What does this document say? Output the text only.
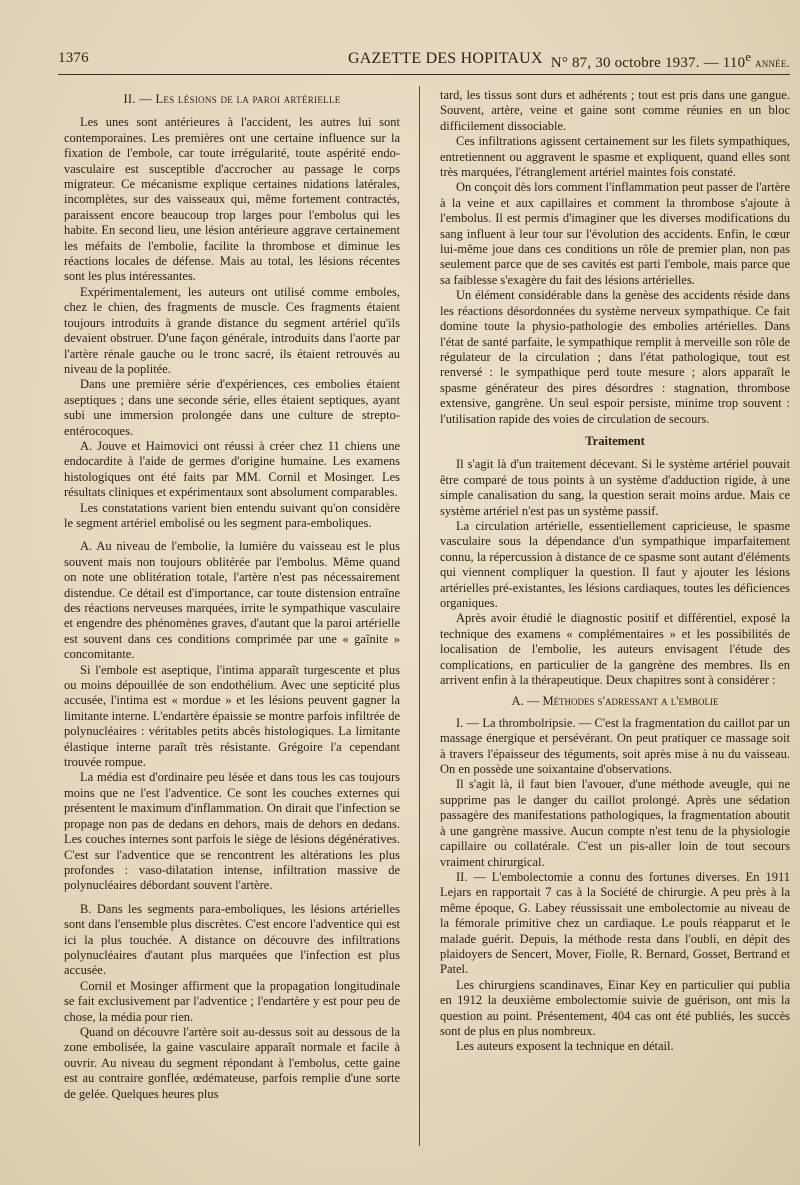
1376	GAZETTE DES HOPITAUX N° 87, 30 octobre 1937. — 110e année.
II. — Les lésions de la paroi artérielle

Les unes sont antérieures à l'accident, les autres lui sont contemporaines. Les premières ont une certaine influence sur la fixation de l'embole, car toute irrégularité, toute aspérité endo-vasculaire est susceptible d'accrocher au passage le corps migrateur. Ce mécanisme explique certaines nidations latérales, incomplètes, sur des vaisseaux qui, même fortement contractés, paraissent encore beaucoup trop larges pour l'embolus qui les habite. En second lieu, une lésion antérieure aggrave certainement les méfaits de l'embolie, facilite la thrombose et diminue les réactions locales de défense. Mais au total, les lésions récentes sont les plus intéressantes.

Expérimentalement, les auteurs ont utilisé comme emboles, chez le chien, des fragments de muscle. Ces fragments étaient toujours introduits à grande distance du segment artériel qu'ils devaient obstruer. D'une façon générale, introduits dans l'aorte par l'artère rénale gauche ou le tronc sacré, ils étaient retrouvés au niveau de la poplitée.

Dans une première série d'expériences, ces embolies étaient aseptiques ; dans une seconde série, elles étaient septiques, ayant subi une immersion prolongée dans une culture de strepto-entérocoques.

A. Jouve et Haimovici ont réussi à créer chez 11 chiens une endocardite à l'aide de germes d'origine humaine. Les examens histologiques ont été faits par MM. Cornil et Mosinger. Les résultats cliniques et expérimentaux sont absolument comparables.

Les constatations varient bien entendu suivant qu'on considère le segment artériel embolisé ou les segment para-emboliques.

A. Au niveau de l'embolie, la lumière du vaisseau est le plus souvent mais non toujours oblitérée par l'embolus. Même quand on note une oblitération totale, l'artère n'est pas nécessairement distendue. Ce détail est d'importance, car toute distension entraîne des réactions nerveuses marquées, irrite le sympathique vasculaire et engendre des phénomènes graves, d'autant que la paroi artérielle est souvent dans ces conditions comprimée par une « gaînite » concomitante.

Si l'embole est aseptique, l'intima apparaît turgescente et plus ou moins dépouillée de son endothélium. Avec une septicité plus accusée, l'intima est « mordue » et les lésions peuvent gagner la limitante interne. L'endartère épaissie se montre parfois infiltrée de polynucléaires : véritables petits abcès histologiques. La limitante élastique interne paraît très résistante. Grégoire l'a cependant trouvée rompue.

La média est d'ordinaire peu lésée et dans tous les cas toujours moins que ne l'est l'adventice. Ce sont les couches externes qui présentent le maximum d'inflammation. On dirait que l'infection se propage non pas de dedans en dehors, mais de dehors en dedans. Les couches internes sont parfois le siège de lésions dégénératives. C'est sur l'adventice que se rencontrent les altérations les plus profondes : vaso-dilatation intense, infiltration massive de polynucléaires débordant souvent l'artère.

B. Dans les segments para-emboliques, les lésions artérielles sont dans l'ensemble plus discrètes. C'est encore l'adventice qui est ici la plus touchée. A distance on découvre des infiltrations polynucléaires d'autant plus marquées que l'infection est plus accusée.

Cornil et Mosinger affirment que la propagation longitudinale se fait exclusivement par l'adventice ; l'endartère y est pour peu de chose, la média pour rien.

Quand on découvre l'artère soit au-dessus soit au dessous de la zone embolisée, la gaine vasculaire apparaît normale et facile à ouvrir. Au niveau du segment répondant à l'embolus, cette gaine est au contraire gonflée, œdémateuse, parfois remplie d'une sorte de gelée. Quelques heures plus

tard, les tissus sont durs et adhérents ; tout est pris dans une gangue. Souvent, artère, veine et gaine sont comme réunies en un bloc difficilement dissociable.

Ces infiltrations agissent certainement sur les filets sympathiques, entretiennent ou aggravent le spasme et expliquent, quand elles sont très marquées, l'étranglement artériel maintes fois constaté.

On conçoit dès lors comment l'inflammation peut passer de l'artère à la veine et aux capillaires et comment la thrombose s'ajoute à l'embolus. Il est permis d'imaginer que les diverses modifications du sang influent à leur tour sur l'évolution des accidents. Enfin, le cœur lui-même joue dans ces conditions un rôle de premier plan, non pas seulement parce que de ses cavités est parti l'embole, mais parce que sa faiblesse s'exagère du fait des lésions artérielles.

Un élément considérable dans la genèse des accidents réside dans les réactions désordonnées du système nerveux sympathique. Ce fait domine toute la physio-pathologie des embolies artérielles. Dans l'état de santé parfaite, le sympathique remplit à merveille son rôle de régulateur de la circulation ; dans l'état pathologique, tout est renversé : le sympathique perd toute mesure ; alors apparaît le spasme générateur des pires désordres : stagnation, thrombose extensive, gangrène. Un seul espoir persiste, minime trop souvent : l'utilisation rapide des voies de circulation de secours.

Traitement

Il s'agit là d'un traitement décevant. Si le système artériel pouvait être comparé de tous points à un système d'adduction rigide, à une simple canalisation du sang, la question serait moins ardue. Mais ce système artériel n'est pas un système passif.

La circulation artérielle, essentiellement capricieuse, le spasme vasculaire sous la dépendance d'un sympathique imparfaitement connu, la répercussion à distance de ce spasme sont autant d'éléments qui viennent compliquer la question. Il faut y ajouter les lésions artérielles pré-existantes, les lésions cardiaques, toutes les déficiences organiques.

Après avoir étudié le diagnostic positif et différentiel, exposé la technique des examens « complémentaires » et les possibilités de localisation de l'embolie, les auteurs envisagent l'étude des complications, en particulier de la gangrène des membres. Ils en arrivent enfin à la thérapeutique. Deux chapitres sont à considérer :

A. — Méthodes s'adressant a l'embolie

I. — La thrombolripsie. — C'est la fragmentation du caillot par un massage énergique et persévérant. On peut pratiquer ce massage soit à travers l'épaisseur des téguments, soit après mise à nu du vaisseau. On en possède une soixantaine d'observations.

Il s'agit là, il faut bien l'avouer, d'une méthode aveugle, qui ne supprime pas le danger du caillot prolongé. Après une sédation passagère des manifestations pathologiques, la fragmentation aboutit à une gangrène massive. Aucun compte n'est tenu de la physiologie capillaire ou collatérale. C'est un pis-aller loin de tout secours vraiment chirurgical.

II. — L'embolectomie a connu des fortunes diverses. En 1911 Lejars en rapportait 7 cas à la Société de chirurgie. A peu près à la même époque, G. Labey réussissait une embolectomie au niveau de la fémorale primitive chez un cardiaque. Le pouls réapparut et le malade guérit. Depuis, la méthode resta dans l'oubli, en dépit des plaidoyers de Sencert, Mover, Fiolle, R. Bernard, Gosset, Bertrand et Patel.

Les chirurgiens scandinaves, Einar Key en particulier qui publia en 1912 la deuxième embolectomie suivie de guérison, ont mis la question au point. Présentement, 404 cas ont été publiés, les succès sont de plus en plus nombreux.

Les auteurs exposent la technique en détail.
